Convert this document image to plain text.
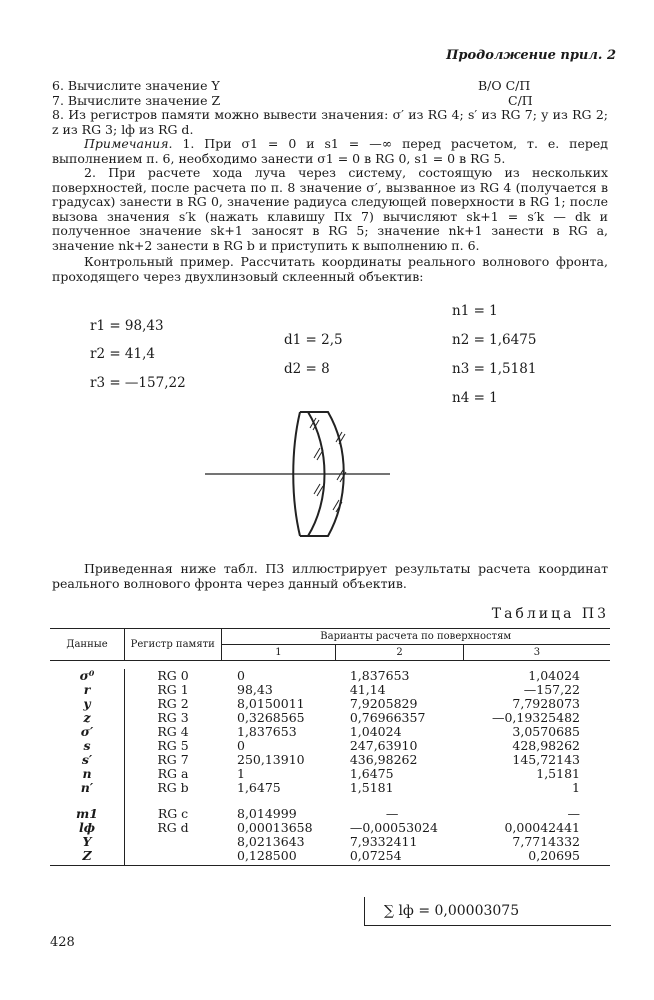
Продолжение прил. 2
6. Вычислите значение Y	В/О С/П
7. Вычислите значение Z	С/П

8. Из регистров памяти можно вывести значения: σ′ из RG 4; s′ из RG 7; y из RG 2; z из RG 3; lф из RG d.

Примечания. 1. При σ1 = 0 и s1 = —∞ перед расчетом, т. е. перед выполнением п. 6, необходимо занести σ1 = 0 в RG 0, s1 = 0 в RG 5.

2. При расчете хода луча через систему, состоящую из нескольких поверхностей, после расчета по п. 8 значение σ′, вызванное из RG 4 (получается в градусах) занести в RG 0, значение радиуса следующей поверхности в RG 1; после вызова значения s′k (нажать клавишу Пх 7) вычисляют sk+1 = s′k — dk и полученное значение sk+1 заносят в RG 5; значение nk+1 занести в RG a, значение nk+2 занести в RG b и приступить к выполнению п. 6.

Контрольный пример. Рассчитать координаты реального волнового фронта, проходящего через двухлинзовый склеенный объектив:

r1 = 98,43
r2 = 41,4
r3 = —157,22
d1 = 2,5
d2 = 8
n1 = 1
n2 = 1,6475
n3 = 1,5181
n4 = 1

Приведенная ниже табл. П3 иллюстрирует результаты расчета координат реального волнового фронта через данный объектив.

Таблица П3
Данные	Регистр памяти	Варианты расчета по поверхностям		
		1	2	3

σ⁰	RG 0	0	1,837653	1,04024
r	RG 1	98,43	41,14	—157,22
y	RG 2	8,0150011	7,9205829	7,7928073
z	RG 3	0,3268565	0,76966357	—0,19325482
σ′	RG 4	1,837653	1,04024	3,0570685
s	RG 5	0	247,63910	428,98262
s′	RG 7	250,13910	436,98262	145,72143
n	RG a	1	1,6475	1,5181
n′	RG b	1,6475	1,5181	1

m1	RG c	8,014999	—	—
lф	RG d	0,00013658	—0,00053024	0,00042441
Y		8,0213643	7,9332411	7,7714332
Z		0,128500	0,07254	0,20695
∑ lф = 0,00003075
428
